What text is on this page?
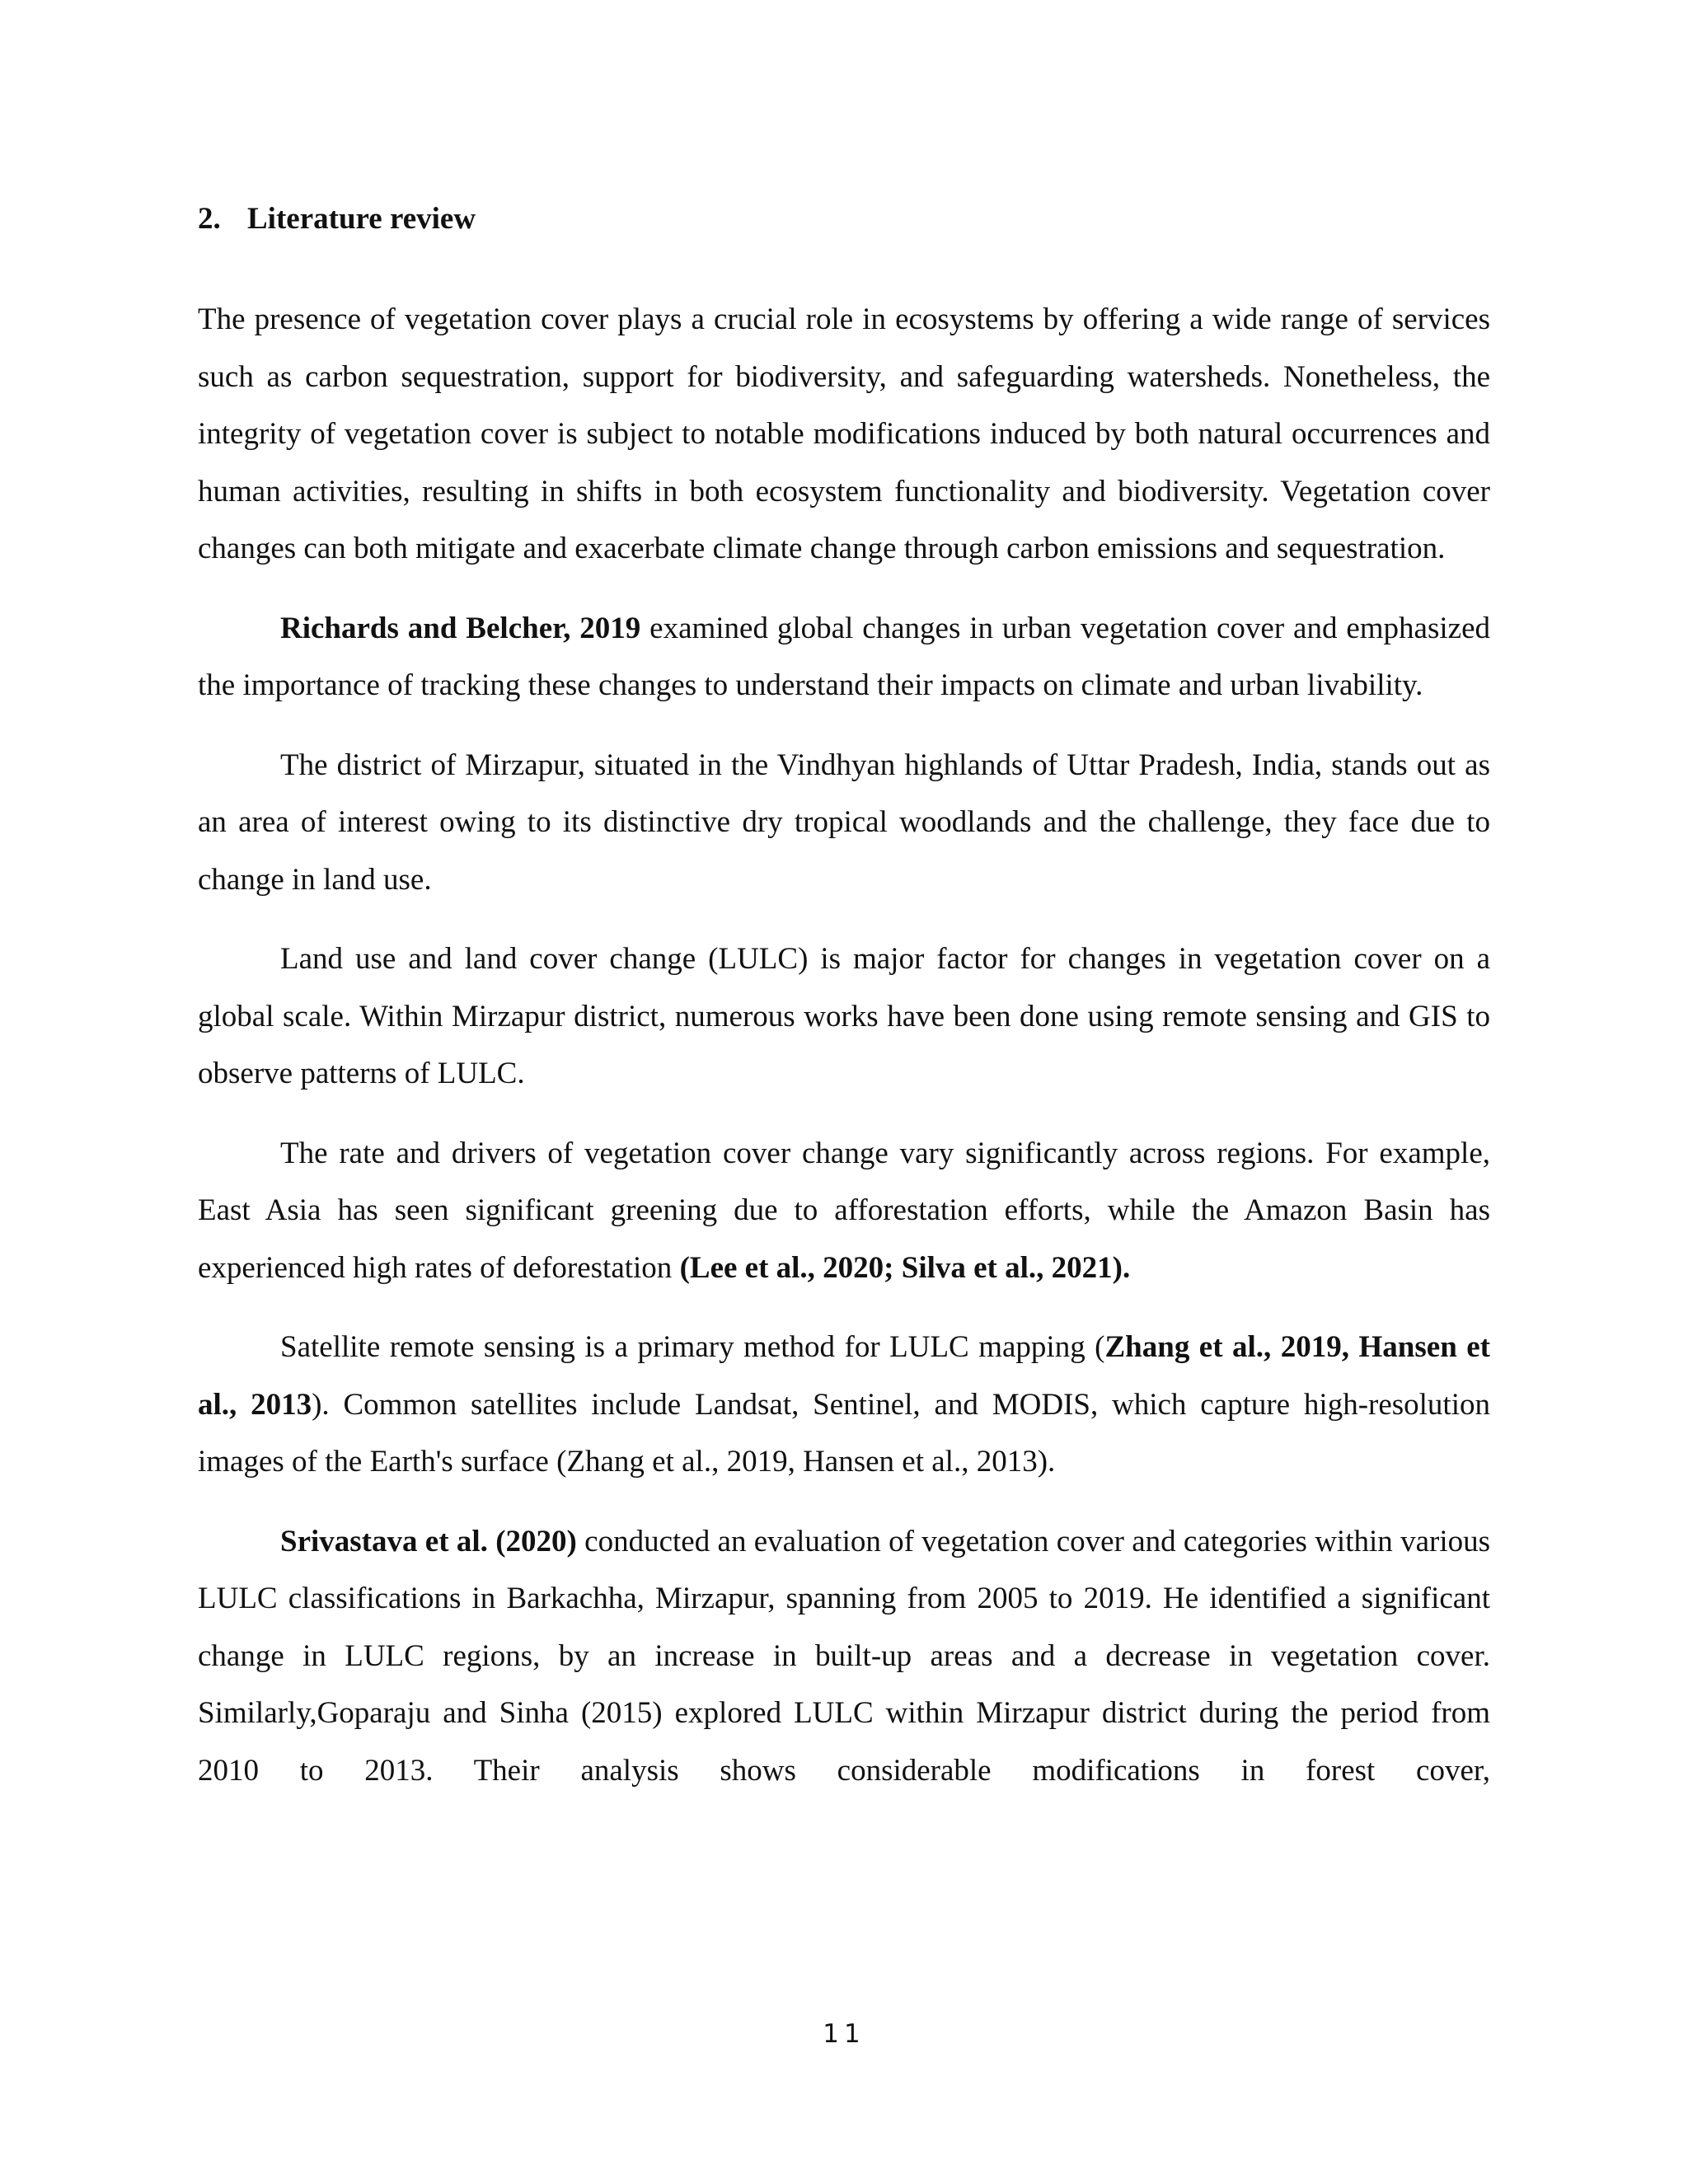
2. Literature review

The presence of vegetation cover plays a crucial role in ecosystems by offering a wide range of services such as carbon sequestration, support for biodiversity, and safeguarding watersheds. Nonetheless, the integrity of vegetation cover is subject to notable modifications induced by both natural occurrences and human activities, resulting in shifts in both ecosystem functionality and biodiversity. Vegetation cover changes can both mitigate and exacerbate climate change through carbon emissions and sequestration.

Richards and Belcher, 2019 examined global changes in urban vegetation cover and emphasized the importance of tracking these changes to understand their impacts on climate and urban livability.

The district of Mirzapur, situated in the Vindhyan highlands of Uttar Pradesh, India, stands out as an area of interest owing to its distinctive dry tropical woodlands and the challenge, they face due to change in land use.

Land use and land cover change (LULC) is major factor for changes in vegetation cover on a global scale. Within Mirzapur district, numerous works have been done using remote sensing and GIS to observe patterns of LULC.

The rate and drivers of vegetation cover change vary significantly across regions. For example, East Asia has seen significant greening due to afforestation efforts, while the Amazon Basin has experienced high rates of deforestation (Lee et al., 2020; Silva et al., 2021).

Satellite remote sensing is a primary method for LULC mapping (Zhang et al., 2019, Hansen et al., 2013). Common satellites include Landsat, Sentinel, and MODIS, which capture high-resolution images of the Earth's surface (Zhang et al., 2019, Hansen et al., 2013).

Srivastava et al. (2020) conducted an evaluation of vegetation cover and categories within various LULC classifications in Barkachha, Mirzapur, spanning from 2005 to 2019. He identified a significant change in LULC regions, by an increase in built-up areas and a decrease in vegetation cover. Similarly,Goparaju and Sinha (2015) explored LULC within Mirzapur district during the period from 2010 to 2013. Their analysis shows considerable modifications in forest cover,

11
